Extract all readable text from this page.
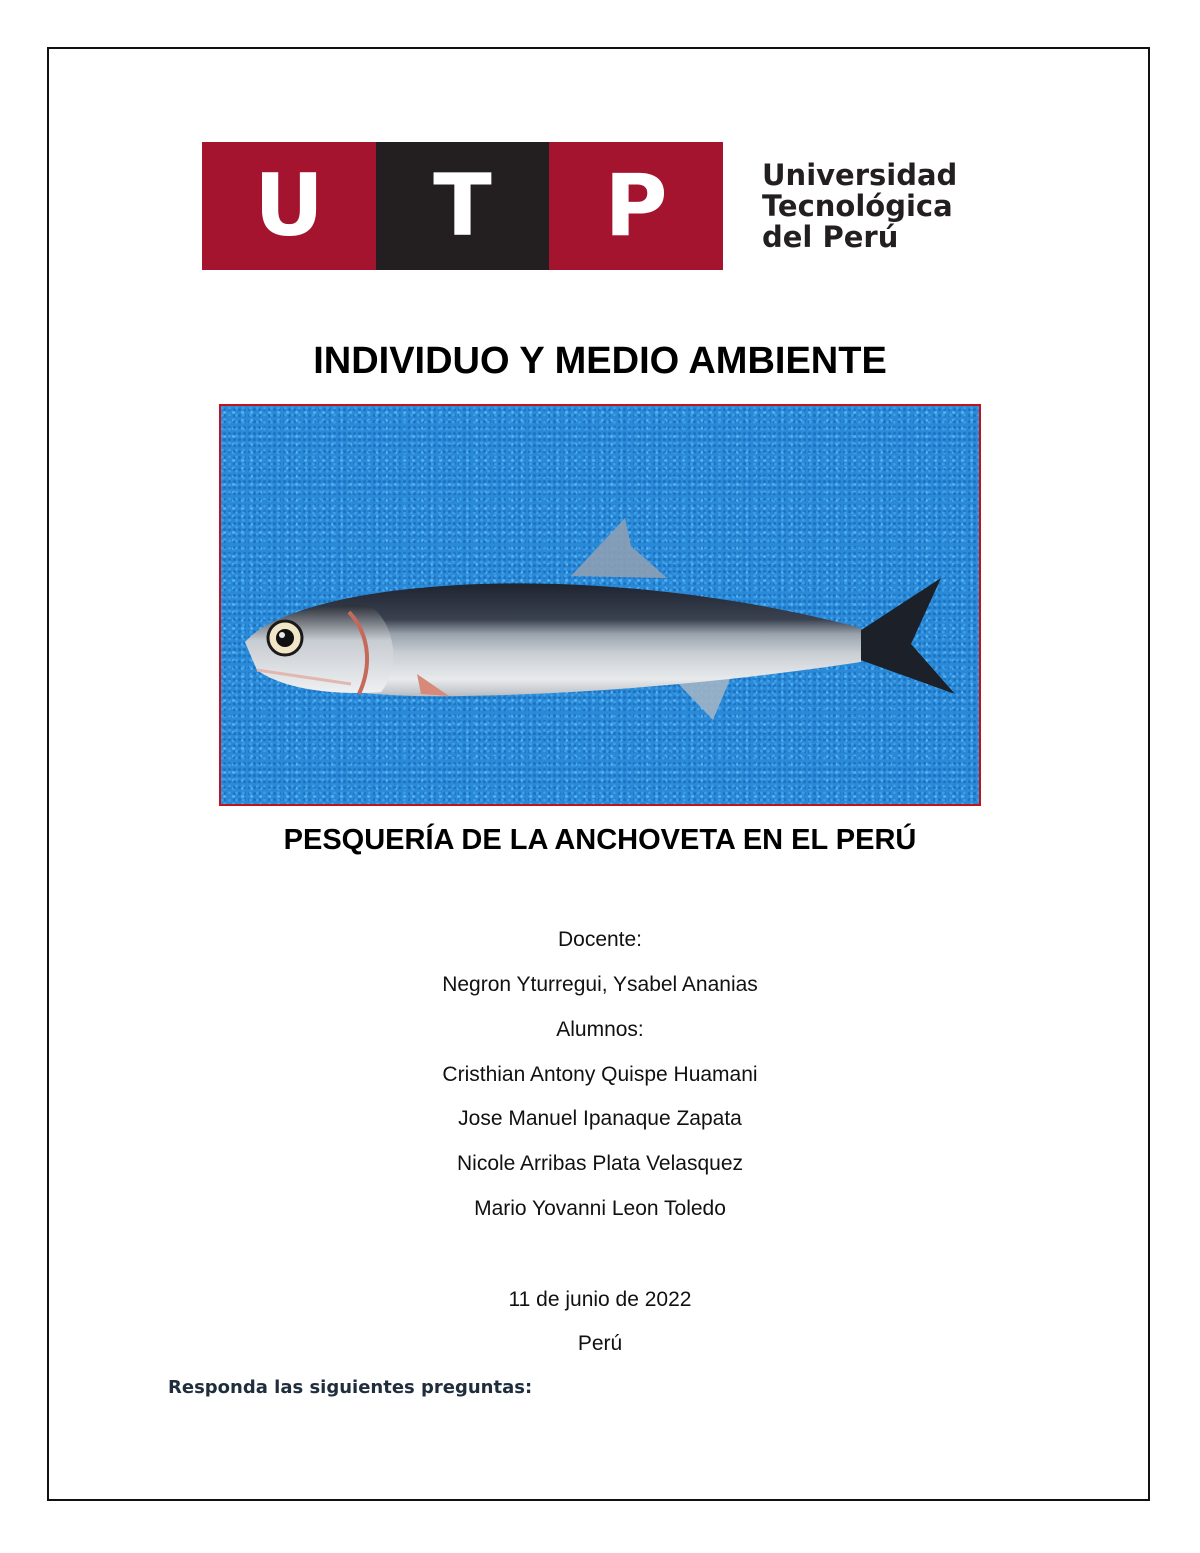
U	T	P	Universidad
Tecnológica
del Perú
INDIVIDUO Y MEDIO AMBIENTE
PESQUERÍA DE LA ANCHOVETA EN EL PERÚ

Docente:

Negron Yturregui, Ysabel Ananias

Alumnos:

Cristhian Antony Quispe Huamani

Jose Manuel Ipanaque Zapata

Nicole Arribas Plata Velasquez

Mario Yovanni Leon Toledo

11 de junio de 2022

Perú

Responda las siguientes preguntas:
